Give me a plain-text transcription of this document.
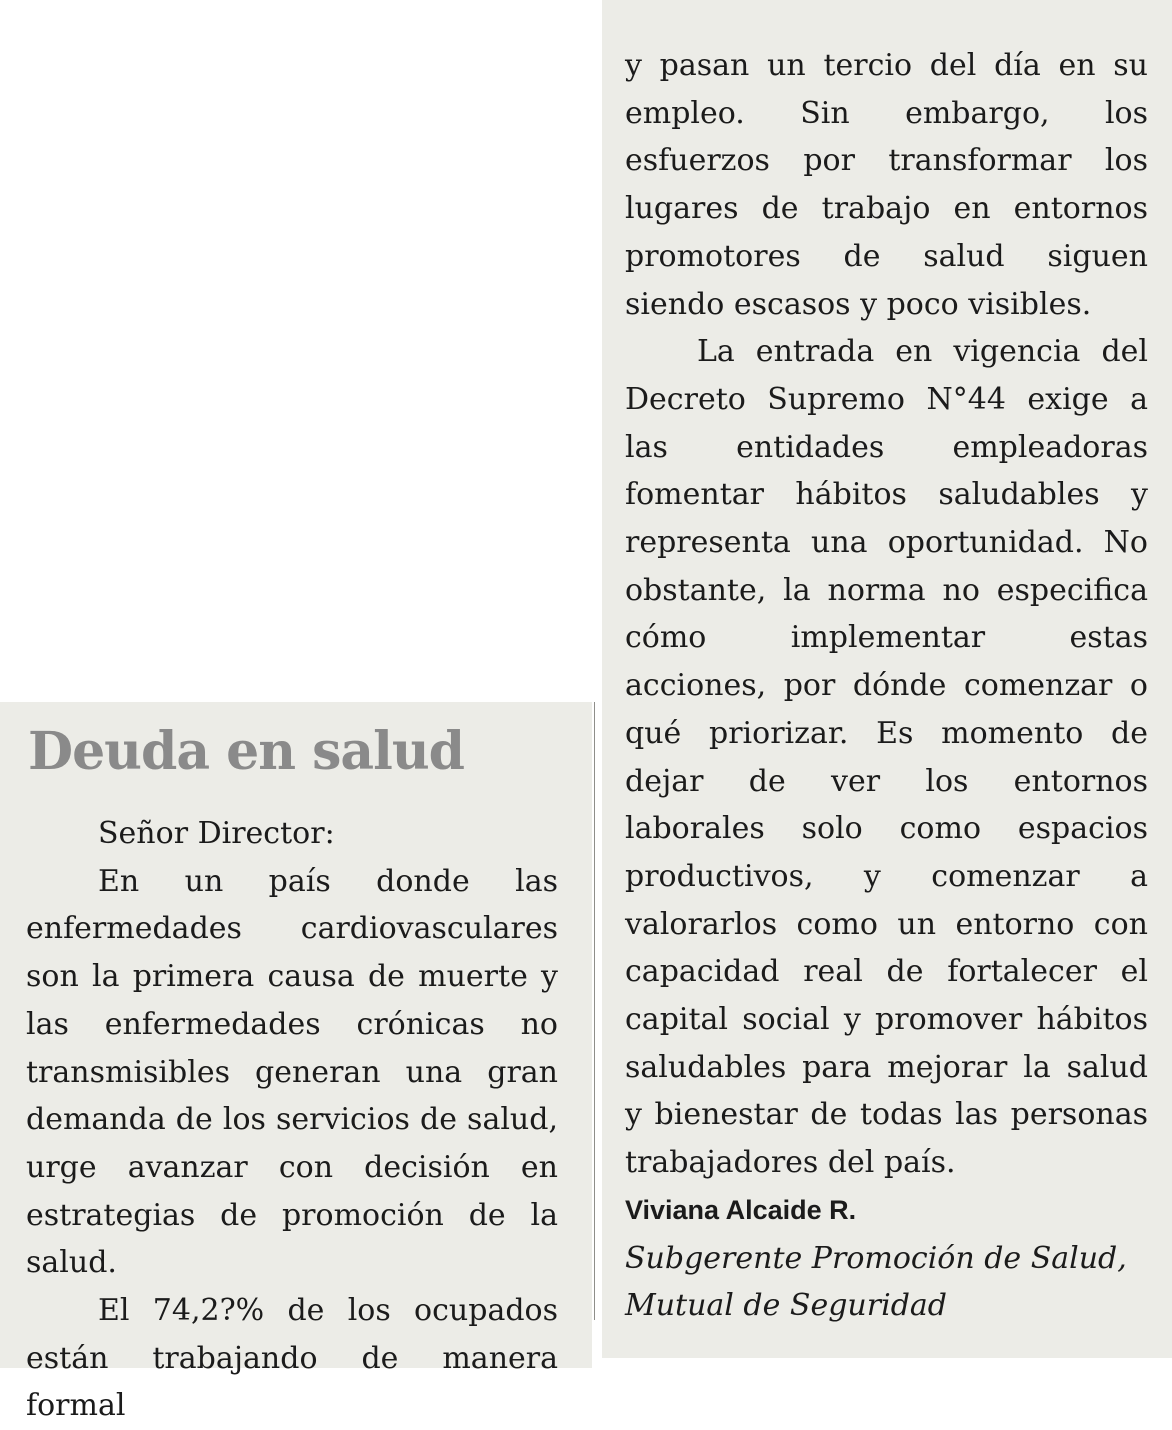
Deuda en salud

Señor Director:

En un país donde las enfermedades cardiovasculares son la primera causa de muerte y las enfermedades crónicas no transmisibles generan una gran demanda de los servicios de salud, urge avanzar con decisión en estrategias de promoción de la salud.

El 74,2?% de los ocupados están trabajando de manera formal

y pasan un tercio del día en su empleo. Sin embargo, los esfuerzos por transformar los lugares de trabajo en entornos promotores de salud siguen siendo escasos y poco visibles.

La entrada en vigencia del Decreto Supremo N°44 exige a las entidades empleadoras fomentar hábitos saludables y representa una oportunidad. No obstante, la norma no especifica cómo implementar estas acciones, por dónde comenzar o qué priorizar. Es momento de dejar de ver los entornos laborales solo como espacios productivos, y comenzar a valorarlos como un entorno con capacidad real de fortalecer el capital social y promover hábitos saludables para mejorar la salud y bienestar de todas las personas trabajadores del país.

Viviana Alcaide R.

Subgerente Promoción de Salud, Mutual de Seguridad
